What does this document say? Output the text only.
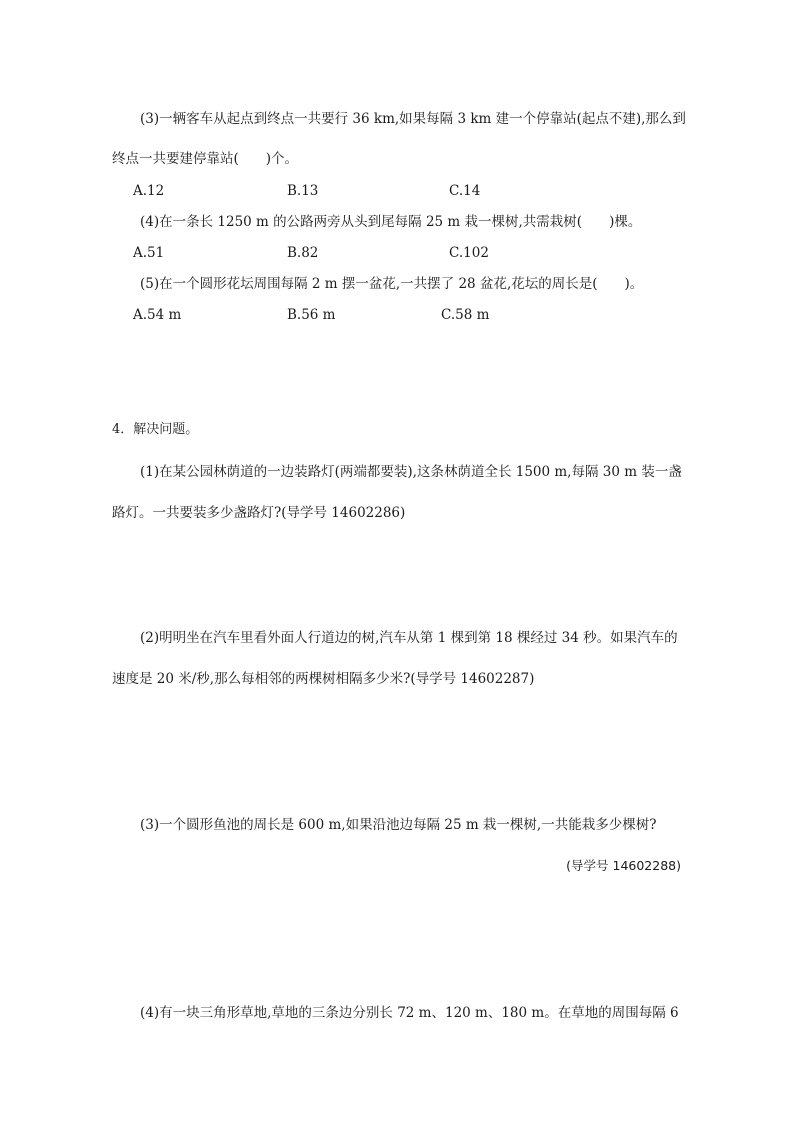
(3)一辆客车从起点到终点一共要行 36 km,如果每隔 3 km 建一个停靠站(起点不建),那么到
终点一共要建停靠站(　　)个。
A.12	B.13	C.14
(4)在一条长 1250 m 的公路两旁从头到尾每隔 25 m 栽一棵树,共需栽树(　　)棵。
A.51	B.82	C.102
(5)在一个圆形花坛周围每隔 2 m 摆一盆花,一共摆了 28 盆花,花坛的周长是(　　)。
A.54 m	B.56 m	C.58 m
4．解决问题。
(1)在某公园林荫道的一边装路灯(两端都要装),这条林荫道全长 1500 m,每隔 30 m 装一盏
路灯。一共要装多少盏路灯?(导学号 14602286)
(2)明明坐在汽车里看外面人行道边的树,汽车从第 1 棵到第 18 棵经过 34 秒。如果汽车的
速度是 20 米/秒,那么每相邻的两棵树相隔多少米?(导学号 14602287)
(3)一个圆形鱼池的周长是 600 m,如果沿池边每隔 25 m 栽一棵树,一共能栽多少棵树?
(导学号 14602288)
(4)有一块三角形草地,草地的三条边分别长 72 m、120 m、180 m。在草地的周围每隔 6
